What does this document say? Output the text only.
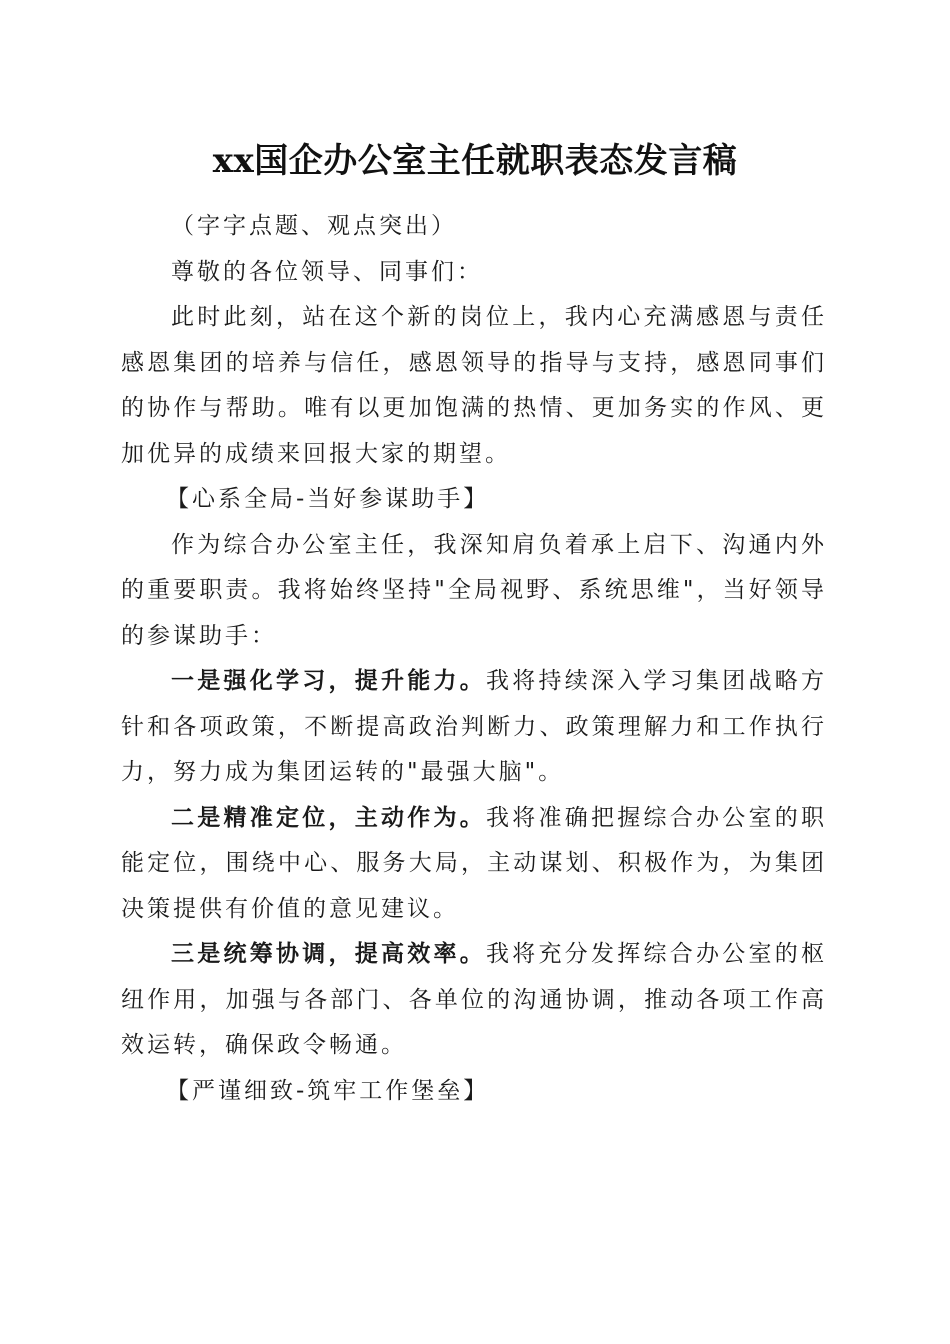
xx国企办公室主任就职表态发言稿

（字字点题、观点突出）

尊敬的各位领导、同事们：

此时此刻，站在这个新的岗位上，我内心充满感恩与责任感恩集团的培养与信任，感恩领导的指导与支持，感恩同事们的协作与帮助。唯有以更加饱满的热情、更加务实的作风、更加优异的成绩来回报大家的期望。

【心系全局-当好参谋助手】

作为综合办公室主任，我深知肩负着承上启下、沟通内外的重要职责。我将始终坚持"全局视野、系统思维"，当好领导的参谋助手：

一是强化学习，提升能力。我将持续深入学习集团战略方针和各项政策，不断提高政治判断力、政策理解力和工作执行力，努力成为集团运转的"最强大脑"。

二是精准定位，主动作为。我将准确把握综合办公室的职能定位，围绕中心、服务大局，主动谋划、积极作为，为集团决策提供有价值的意见建议。

三是统筹协调，提高效率。我将充分发挥综合办公室的枢纽作用，加强与各部门、各单位的沟通协调，推动各项工作高效运转，确保政令畅通。

【严谨细致-筑牢工作堡垒】
